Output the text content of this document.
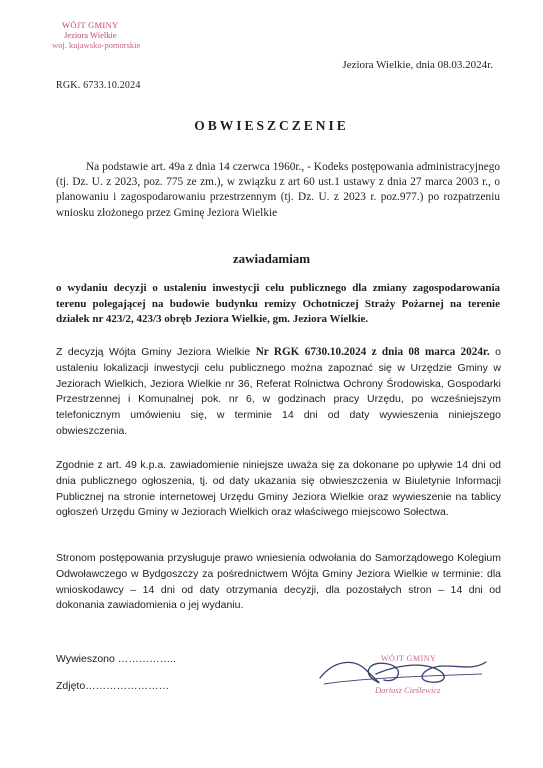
WÓJT GMINY
Jeziora Wielkie
woj. kujawsko-pomorskie
Jeziora Wielkie, dnia 08.03.2024r.
RGK. 6733.10.2024
OBWIESZCZENIE
Na podstawie art. 49a z dnia 14 czerwca 1960r., - Kodeks postępowania administracyjnego (tj. Dz. U. z 2023, poz. 775 ze zm.), w związku z art 60 ust.1 ustawy z dnia 27 marca 2003 r., o planowaniu i zagospodarowaniu przestrzennym (tj. Dz. U. z 2023 r. poz.977.) po rozpatrzeniu wniosku złożonego przez Gminę Jeziora Wielkie
zawiadamiam
o wydaniu decyzji o ustaleniu inwestycji celu publicznego dla zmiany zagospodarowania terenu polegającej na budowie budynku remizy Ochotniczej Straży Pożarnej na terenie działek nr 423/2, 423/3 obręb Jeziora Wielkie, gm. Jeziora Wielkie.
Z decyzją Wójta Gminy Jeziora Wielkie Nr RGK 6730.10.2024 z dnia 08 marca 2024r. o ustaleniu lokalizacji inwestycji celu publicznego można zapoznać się w Urzędzie Gminy w Jeziorach Wielkich, Jeziora Wielkie nr 36, Referat Rolnictwa Ochrony Środowiska, Gospodarki Przestrzennej i Komunalnej pok. nr 6, w godzinach pracy Urzędu, po wcześniejszym telefonicznym umówieniu się, w terminie 14 dni od daty wywieszenia niniejszego obwieszczenia.
Zgodnie z art. 49 k.p.a. zawiadomienie niniejsze uważa się za dokonane po upływie 14 dni od dnia publicznego ogłoszenia, tj. od daty ukazania się obwieszczenia w Biuletynie Informacji Publicznej na stronie internetowej Urzędu Gminy Jeziora Wielkie oraz wywieszenie na tablicy ogłoszeń Urzędu Gminy w Jeziorach Wielkich oraz właściwego miejscowo Sołectwa.
Stronom postępowania przysługuje prawo wniesienia odwołania do Samorządowego Kolegium Odwoławczego w Bydgoszczy za pośrednictwem Wójta Gminy Jeziora Wielkie w terminie: dla wnioskodawcy – 14 dni od daty otrzymania decyzji, dla pozostałych stron – 14 dni od dokonania zawiadomienia o jej wydaniu.
Wywieszono ……………..
Zdjęto……………………
WÓJT GMINY
Dariusz Cieślewicz
